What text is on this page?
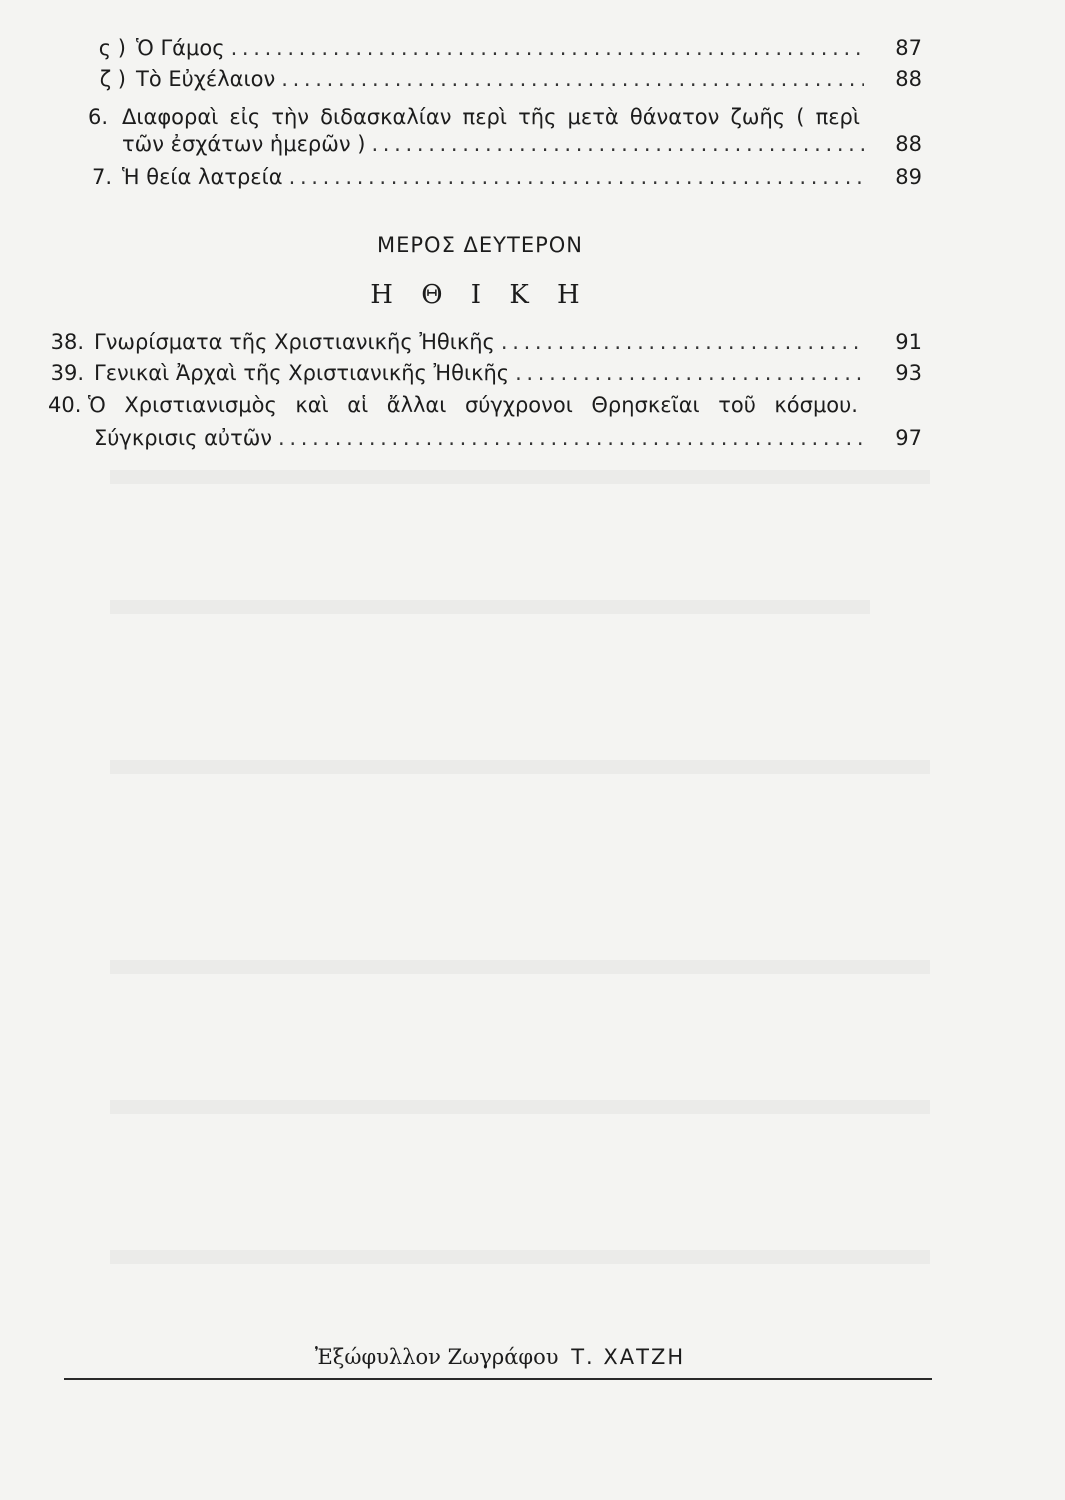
ς ) Ὁ Γάμος . . .	87
ζ ) Τὸ Εὐχέλαιον . . .	88
6. Διαφοραὶ εἰς τὴν διδασκαλίαν περὶ τῆς μετὰ θάνατον ζωῆς ( περὶ
τῶν ἐσχάτων ἡμερῶν ) . . .	88
7. Ἡ θεία λατρεία . . .	89
ΜΕΡΟΣ ΔΕΥΤΕΡΟΝ
Η Θ Ι Κ Η
38. Γνωρίσματα τῆς Χριστιανικῆς Ἠθικῆς . . .	91
39. Γενικαὶ Ἀρχαὶ τῆς Χριστιανικῆς Ἠθικῆς . . .	93
40. Ὁ Χριστιανισμὸς καὶ αἱ ἄλλαι σύγχρονοι Θρησκεῖαι τοῦ κόσμου.
Σύγκρισις αὐτῶν . . .	97
Ἐξώφυλλον Ζωγράφου Τ. ΧΑΤΖΗ
